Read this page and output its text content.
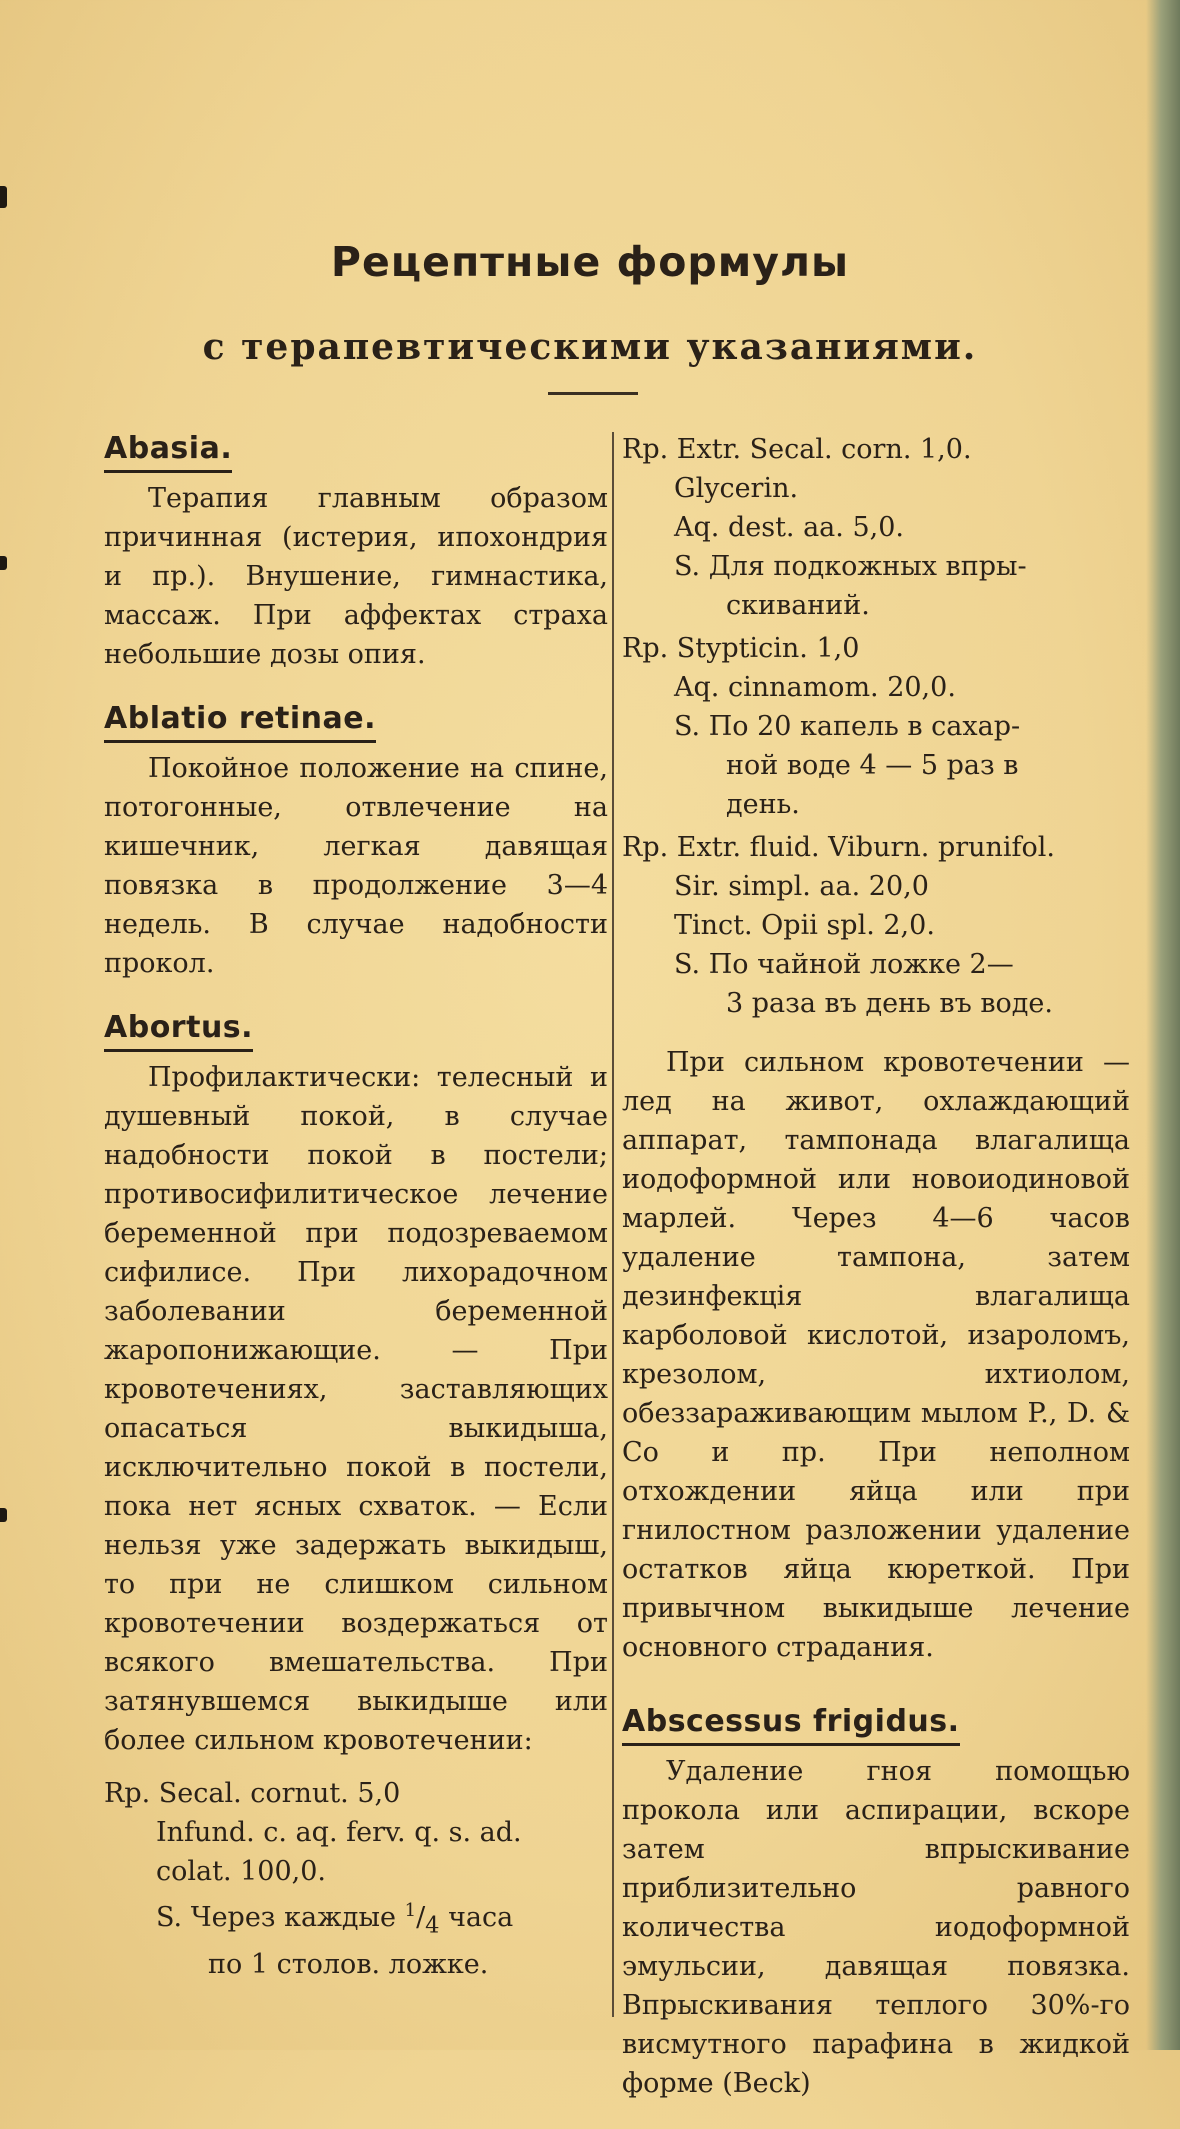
Рецептные формулы
с терапевтическими указаниями.
Abasia.

Терапия главным образом причинная (истерия, ипохондрия и пр.). Внушение, гимнастика, массаж. При аффектах страха небольшие дозы опия.

Ablatio retinae.

Покойное положение на спине, потогонные, отвлечение на кишечник, легкая давящая повязка в продолжение 3—4 недель. В случае надобности прокол.

Abortus.

Профилактически: телесный и душевный покой, в случае надобности покой в постели; противосифилитическое лечение беременной при подозреваемом сифилисе. При лихорадочном заболевании беременной жаропонижающие. — При кровотечениях, заставляющих опасаться выкидыша, исключительно покой в постели, пока нет ясных схваток. — Если нельзя уже задержать выкидыш, то при не слишком сильном кровотечении воздержаться от всякого вмешательства. При затянувшемся выкидыше или более сильном кровотечении:

Rp. Secal. cornut. 5,0
Infund. c. aq. ferv. q. s. ad.
colat. 100,0.
S. Через каждые $^1/_4$ часа
по 1 столов. ложке.
Rp. Extr. Secal. corn. 1,0.
Glycerin.
Aq. dest. aa. 5,0.
S. Для подкожных впры-
скиваний.
Rp. Stypticin. 1,0
Aq. cinnamom. 20,0.
S. По 20 капель в сахар-
ной воде 4 — 5 раз в
день.
Rp. Extr. fluid. Viburn. prunifol.
Sir. simpl. aa. 20,0
Tinct. Opii spl. 2,0.
S. По чайной ложке 2—
3 раза въ день въ воде.

При сильном кровотечении —лед на живот, охлаждающий аппарат, тампонада влагалища иодоформной или новоиодиновой марлей. Через 4—6 часов удаление тампона, затем дезинфекція влагалища карболовой кислотой, изароломъ, крезолом, ихтиолом, обеззараживающим мылом P., D. & Co и пр. При неполном отхождении яйца или при гнилостном разложении удаление остатков яйца кюреткой. При привычном выкидыше лечение основного страдания.

Abscessus frigidus.

Удаление гноя помощью прокола или аспирации, вскоре затем впрыскивание приблизительно равного количества иодоформной эмульсии, давящая повязка. Впрыскивания теплого 30%-го висмутного парафина в жидкой форме (Beck)
